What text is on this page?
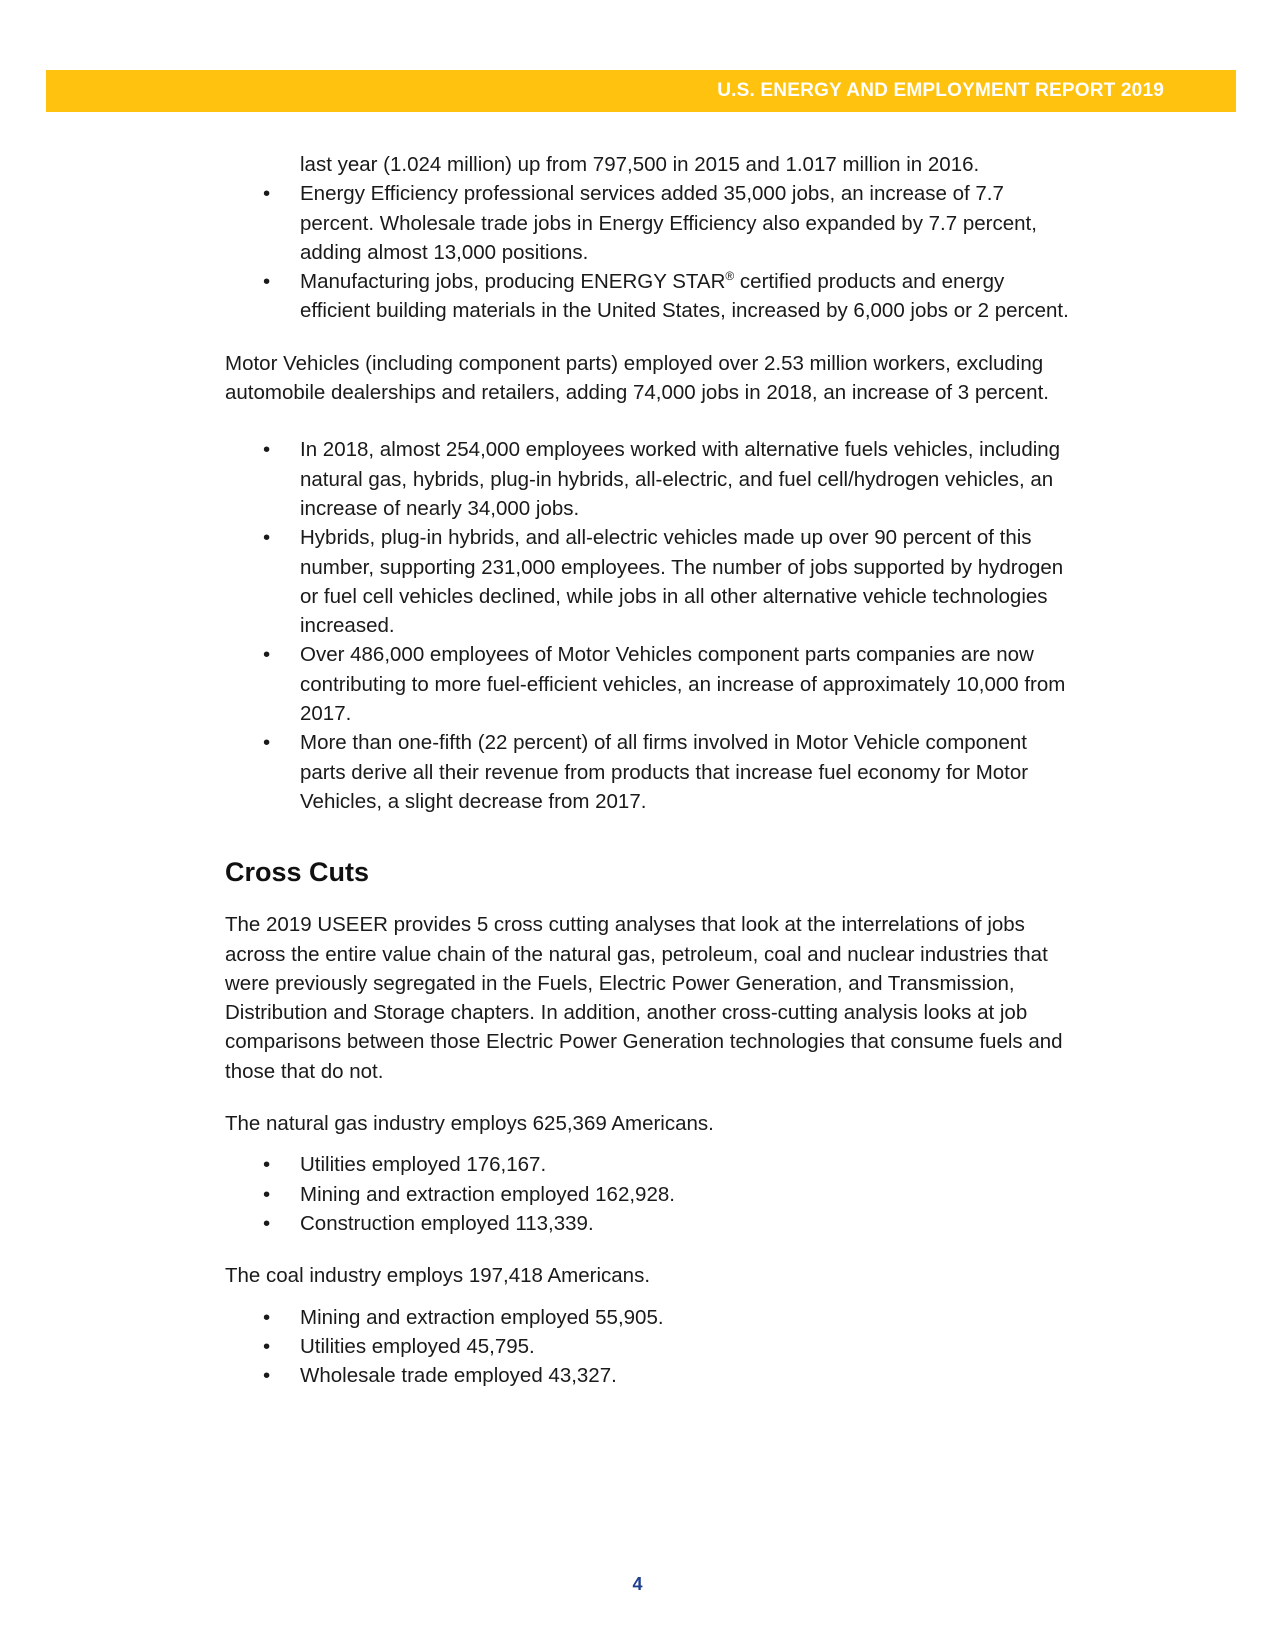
U.S. ENERGY AND EMPLOYMENT REPORT 2019

last year (1.024 million) up from 797,500 in 2015 and 1.017 million in 2016.

• Energy Efficiency professional services added 35,000 jobs, an increase of 7.7 percent. Wholesale trade jobs in Energy Efficiency also expanded by 7.7 percent, adding almost 13,000 positions.
• Manufacturing jobs, producing ENERGY STAR® certified products and energy efficient building materials in the United States, increased by 6,000 jobs or 2 percent.

Motor Vehicles (including component parts) employed over 2.53 million workers, excluding automobile dealerships and retailers, adding 74,000 jobs in 2018, an increase of 3 percent.

• In 2018, almost 254,000 employees worked with alternative fuels vehicles, including natural gas, hybrids, plug-in hybrids, all-electric, and fuel cell/hydrogen vehicles, an increase of nearly 34,000 jobs.
• Hybrids, plug-in hybrids, and all-electric vehicles made up over 90 percent of this number, supporting 231,000 employees. The number of jobs supported by hydrogen or fuel cell vehicles declined, while jobs in all other alternative vehicle technologies increased.
• Over 486,000 employees of Motor Vehicles component parts companies are now contributing to more fuel-efficient vehicles, an increase of approximately 10,000 from 2017.
• More than one-fifth (22 percent) of all firms involved in Motor Vehicle component parts derive all their revenue from products that increase fuel economy for Motor Vehicles, a slight decrease from 2017.
Cross Cuts

The 2019 USEER provides 5 cross cutting analyses that look at the interrelations of jobs across the entire value chain of the natural gas, petroleum, coal and nuclear industries that were previously segregated in the Fuels, Electric Power Generation, and Transmission, Distribution and Storage chapters. In addition, another cross-cutting analysis looks at job comparisons between those Electric Power Generation technologies that consume fuels and those that do not.

The natural gas industry employs 625,369 Americans.

• Utilities employed 176,167.
• Mining and extraction employed 162,928.
• Construction employed 113,339.

The coal industry employs 197,418 Americans.

• Mining and extraction employed 55,905.
• Utilities employed 45,795.
• Wholesale trade employed 43,327.
4
